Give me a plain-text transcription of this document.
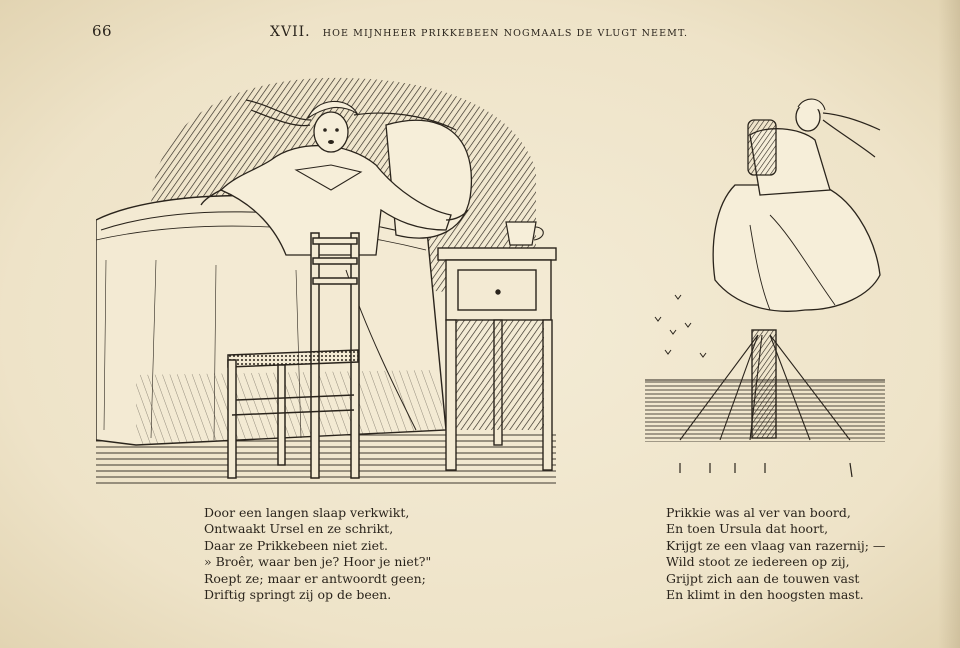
66	XVII. HOE MIJNHEER PRIKKEBEEN NOGMAALS DE VLUGT NEEMT.
Door een langen slaap verkwikt,
Ontwaakt Ursel en ze schrikt,
Daar ze Prikkebeen niet ziet.
» Broêr, waar ben je? Hoor je niet?"
Roept ze; maar er antwoordt geen;
Driftig springt zij op de been.
Prikkie was al ver van boord,
En toen Ursula dat hoort,
Krijgt ze een vlaag van razernij; —
Wild stoot ze iedereen op zij,
Grijpt zich aan de touwen vast
En klimt in den hoogsten mast.
